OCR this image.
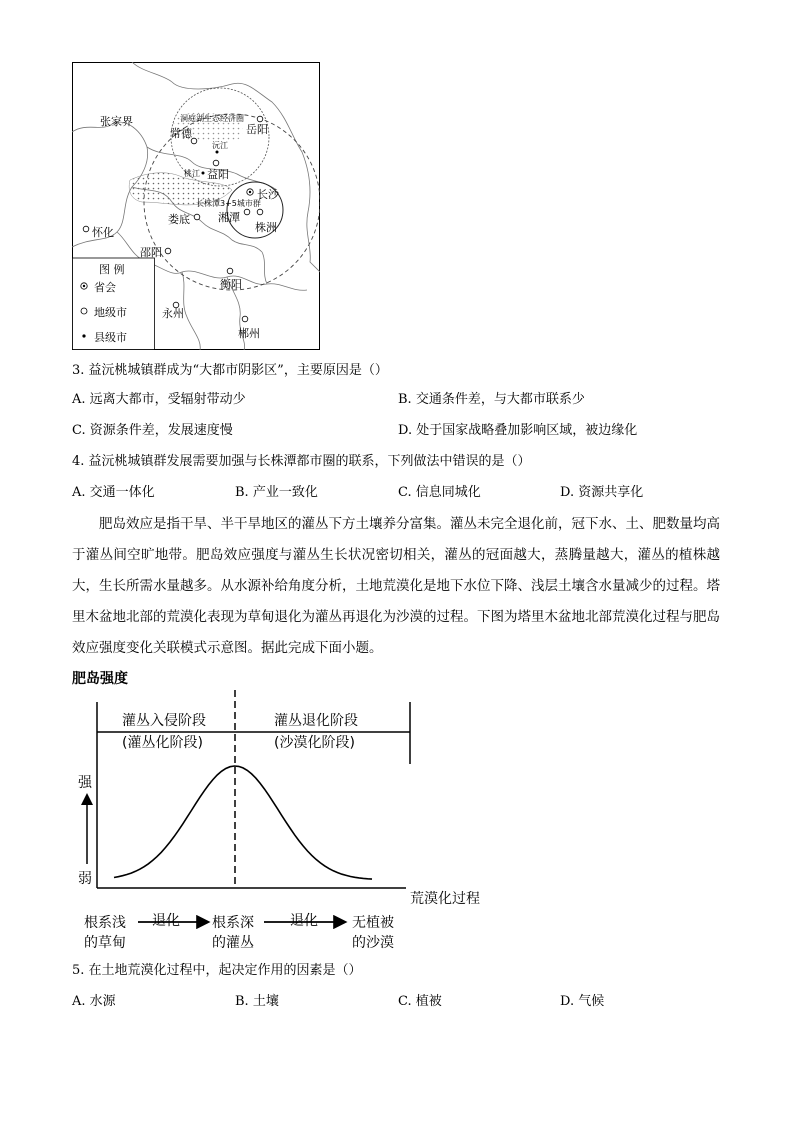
张家界	洞庭湖生态经济圈
常德	岳阳
沅江
桃江 益阳
长沙
长株潭3+5城市群
娄底	湘潭
株洲
怀化
邵阳
衡阳
永州
郴州
图 例
省会
地级市
县级市
3. 益沅桃城镇群成为“大都市阴影区”，主要原因是（）
A. 远离大都市，受辐射带动少	B. 交通条件差，与大都市联系少
C. 资源条件差，发展速度慢	D. 处于国家战略叠加影响区域，被边缘化
4. 益沅桃城镇群发展需要加强与长株潭都市圈的联系，下列做法中错误的是（）
A. 交通一体化	B. 产业一致化	C. 信息同城化	D. 资源共享化
肥岛效应是指干旱、半干旱地区的灌丛下方土壤养分富集。灌丛未完全退化前，冠下水、土、肥数量均高于灌丛间空旷地带。肥岛效应强度与灌丛生长状况密切相关，灌丛的冠面越大，蒸腾量越大，灌丛的植株越大，生长所需水量越多。从水源补给角度分析，土地荒漠化是地下水位下降、浅层土壤含水量减少的过程。塔里木盆地北部的荒漠化表现为草甸退化为灌丛再退化为沙漠的过程。下图为塔里木盆地北部荒漠化过程与肥岛效应强度变化关联模式示意图。据此完成下面小题。
肥岛强度
灌丛入侵阶段
(灌丛化阶段)
灌丛退化阶段
(沙漠化阶段)
强
弱
荒漠化过程
根系浅
的草甸
退化 根系深
的灌丛
退化 无植被
的沙漠
5. 在土地荒漠化过程中，起决定作用的因素是（）
A. 水源	B. 土壤	C. 植被	D. 气候
